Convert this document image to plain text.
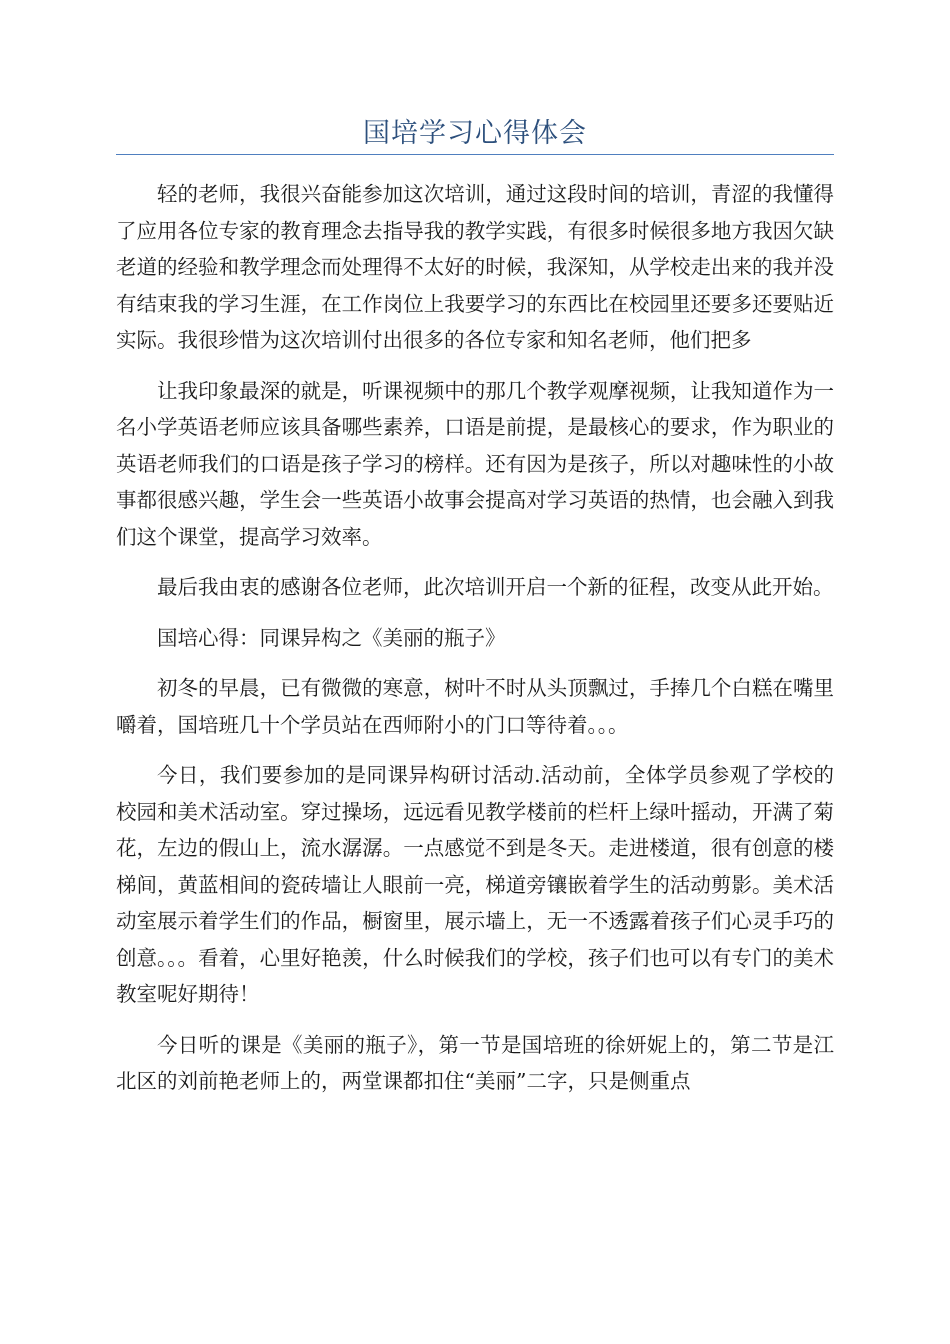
国培学习心得体会

轻的老师，我很兴奋能参加这次培训，通过这段时间的培训，青涩的我懂得了应用各位专家的教育理念去指导我的教学实践，有很多时候很多地方我因欠缺老道的经验和教学理念而处理得不太好的时候，我深知，从学校走出来的我并没有结束我的学习生涯，在工作岗位上我要学习的东西比在校园里还要多还要贴近实际。我很珍惜为这次培训付出很多的各位专家和知名老师，他们把多

让我印象最深的就是，听课视频中的那几个教学观摩视频，让我知道作为一名小学英语老师应该具备哪些素养，口语是前提，是最核心的要求，作为职业的英语老师我们的口语是孩子学习的榜样。还有因为是孩子，所以对趣味性的小故事都很感兴趣，学生会一些英语小故事会提高对学习英语的热情，也会融入到我们这个课堂，提高学习效率。

最后我由衷的感谢各位老师，此次培训开启一个新的征程，改变从此开始。

国培心得：同课异构之《美丽的瓶子》

初冬的早晨，已有微微的寒意，树叶不时从头顶飘过，手捧几个白糕在嘴里嚼着，国培班几十个学员站在西师附小的门口等待着。。。

今日，我们要参加的是同课异构研讨活动.活动前，全体学员参观了学校的校园和美术活动室。穿过操场，远远看见教学楼前的栏杆上绿叶摇动，开满了菊花，左边的假山上，流水潺潺。一点感觉不到是冬天。走进楼道，很有创意的楼梯间，黄蓝相间的瓷砖墙让人眼前一亮，梯道旁镶嵌着学生的活动剪影。美术活动室展示着学生们的作品，橱窗里，展示墙上，无一不透露着孩子们心灵手巧的创意。。。看着，心里好艳羡，什么时候我们的学校，孩子们也可以有专门的美术教室呢好期待！

今日听的课是《美丽的瓶子》，第一节是国培班的徐妍妮上的，第二节是江北区的刘前艳老师上的，两堂课都扣住“美丽”二字，只是侧重点
